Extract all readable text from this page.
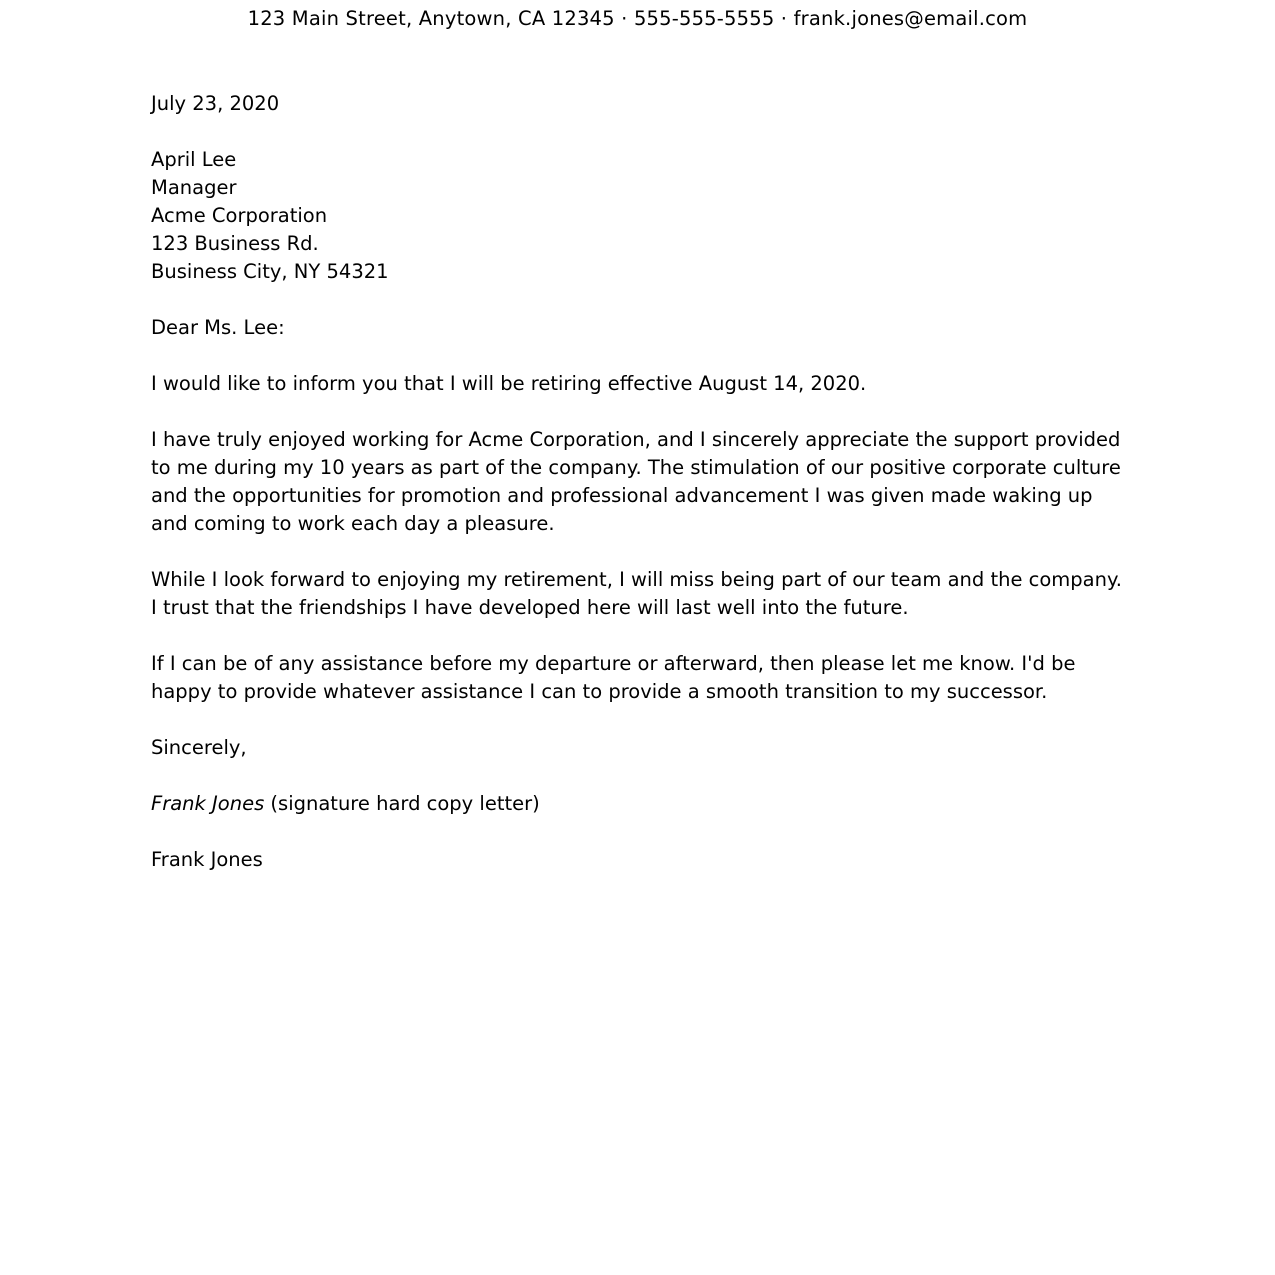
123 Main Street, Anytown, CA 12345 · 555-555-5555 · frank.jones@email.com
July 23, 2020
April Lee
Manager
Acme Corporation
123 Business Rd.
Business City, NY 54321
Dear Ms. Lee:

I would like to inform you that I will be retiring effective August 14, 2020.

I have truly enjoyed working for Acme Corporation, and I sincerely appreciate the support provided to me during my 10 years as part of the company. The stimulation of our positive corporate culture and the opportunities for promotion and professional advancement I was given made waking up and coming to work each day a pleasure.

While I look forward to enjoying my retirement, I will miss being part of our team and the company. I trust that the friendships I have developed here will last well into the future.

If I can be of any assistance before my departure or afterward, then please let me know. I'd be happy to provide whatever assistance I can to provide a smooth transition to my successor.

Sincerely,
Frank Jones (signature hard copy letter)
Frank Jones
